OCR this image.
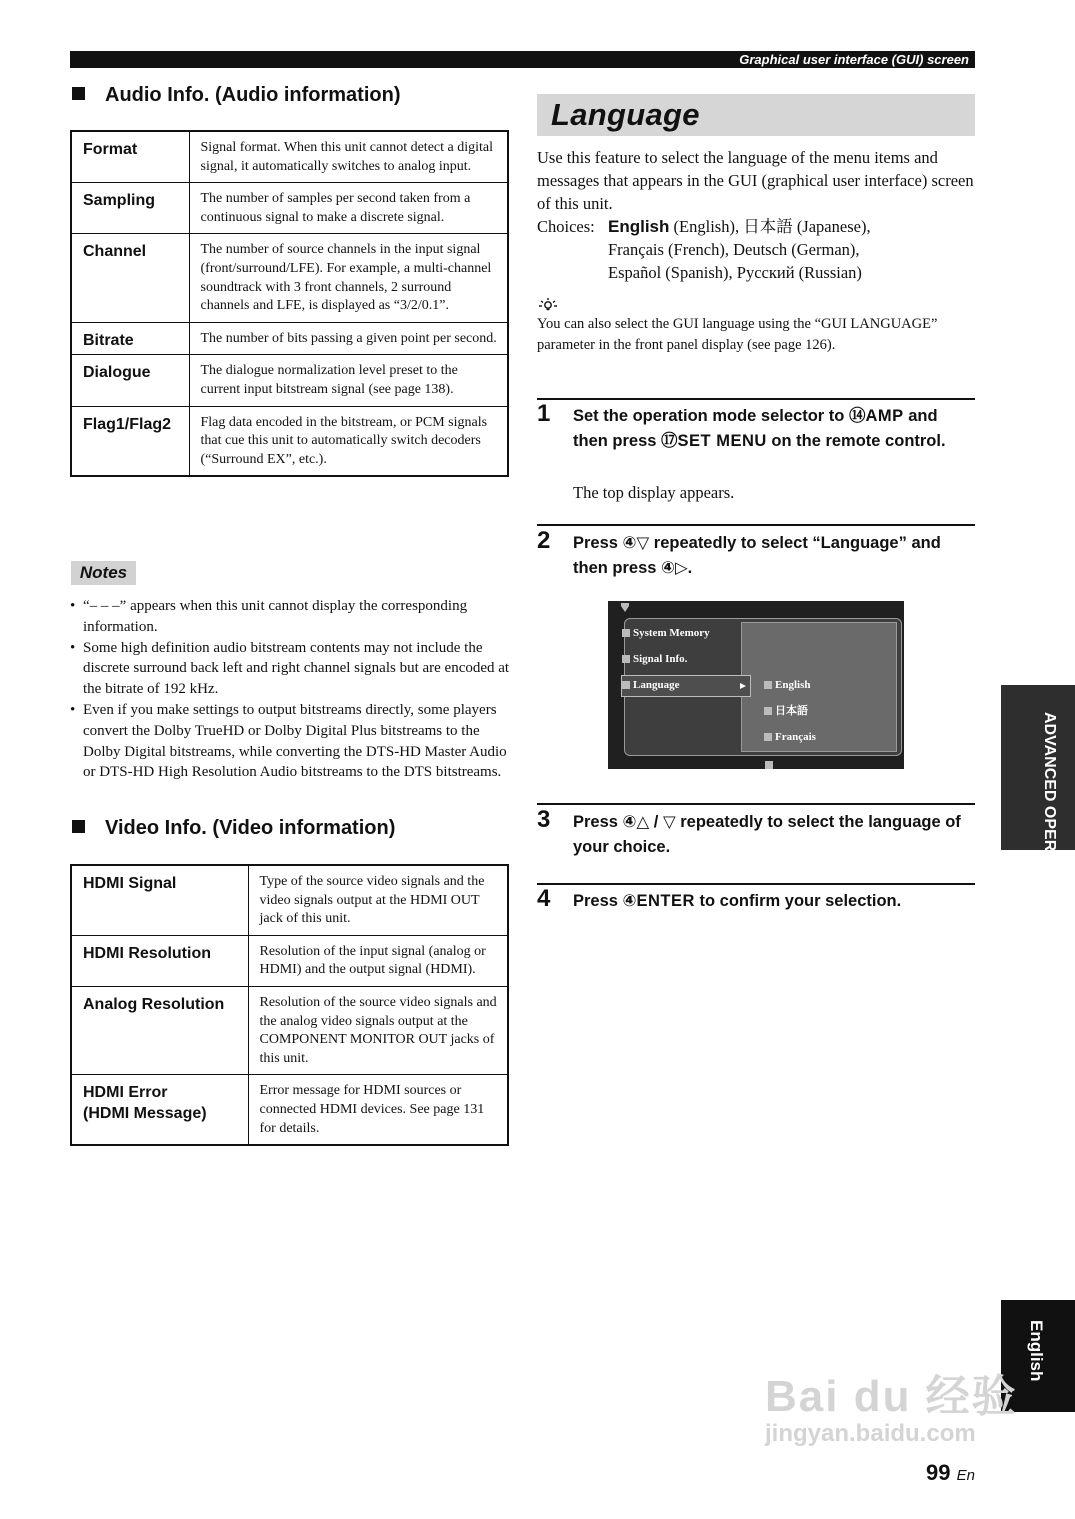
Graphical user interface (GUI) screen
Audio Info. (Audio information)
Format	Signal format. When this unit cannot detect a digital signal, it automatically switches to analog input.
Sampling	The number of samples per second taken from a continuous signal to make a discrete signal.
Channel	The number of source channels in the input signal (front/surround/LFE). For example, a multi-channel soundtrack with 3 front channels, 2 surround channels and LFE, is displayed as “3/2/0.1”.
Bitrate	The number of bits passing a given point per second.
Dialogue	The dialogue normalization level preset to the current input bitstream signal (see page 138).
Flag1/Flag2	Flag data encoded in the bitstream, or PCM signals that cue this unit to automatically switch decoders (“Surround EX”, etc.).
Notes
• “– – –” appears when this unit cannot display the corresponding information.
• Some high definition audio bitstream contents may not include the discrete surround back left and right channel signals but are encoded at the bitrate of 192 kHz.
• Even if you make settings to output bitstreams directly, some players convert the Dolby TrueHD or Dolby Digital Plus bitstreams to the Dolby Digital bitstreams, while converting the DTS-HD Master Audio or DTS-HD High Resolution Audio bitstreams to the DTS bitstreams.
Video Info. (Video information)
HDMI Signal	Type of the source video signals and the video signals output at the HDMI OUT jack of this unit.
HDMI Resolution	Resolution of the input signal (analog or HDMI) and the output signal (HDMI).
Analog Resolution	Resolution of the source video signals and the analog video signals output at the COMPONENT MONITOR OUT jacks of this unit.
HDMI Error
(HDMI Message)	Error message for HDMI sources or connected HDMI devices. See page 131 for details.
Language
Use this feature to select the language of the menu items and messages that appears in the GUI (graphical user interface) screen of this unit.
Choices: English (English), 日本語 (Japanese),
Français (French), Deutsch (German),
Español (Spanish), Русский (Russian)
You can also select the GUI language using the “GUI LANGUAGE” parameter in the front panel display (see page 126).
1 Set the operation mode selector to ⑭AMP and then press ⑰SET MENU on the remote control.
The top display appears.
2 Press ④▽ repeatedly to select “Language” and then press ④▷.
System Memory
Signal Info.
Language	English
日本語
Français
3 Press ④△ / ▽ repeatedly to select the language of your choice.
4 Press ④ENTER to confirm your selection.
ADVANCED OPERATION
English
Bai du 经验
jingyan.baidu.com
99 En
